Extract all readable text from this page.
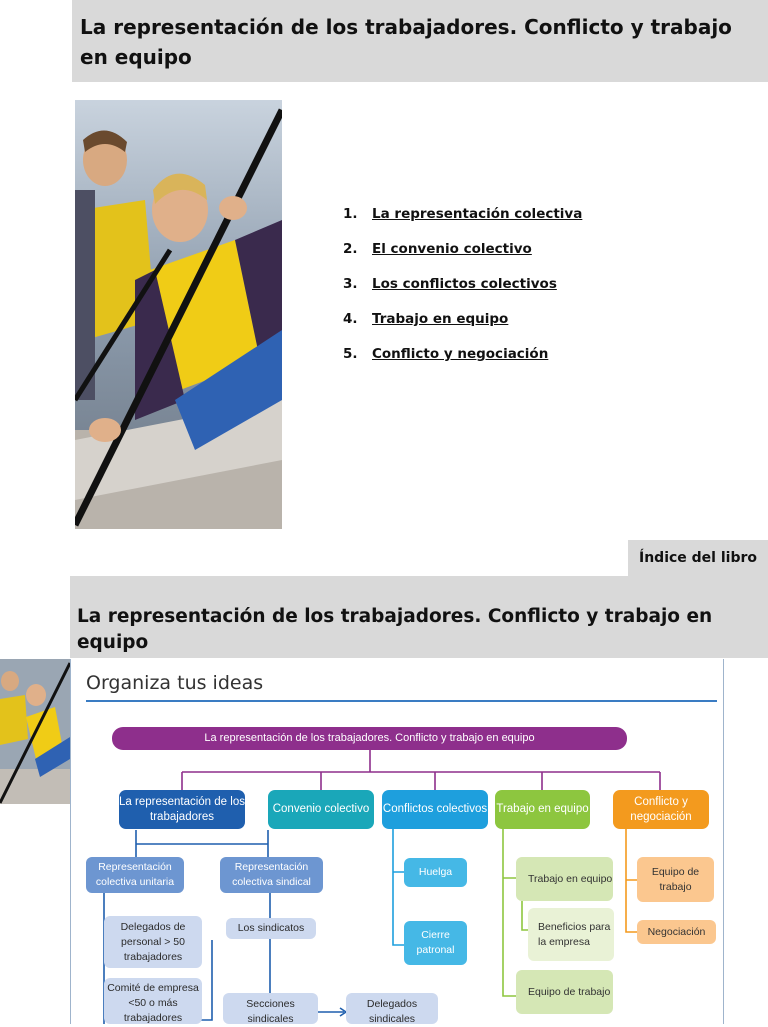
La representación de los trabajadores. Conflicto y trabajo en equipo
1.	La representación colectiva
2.	El convenio colectivo
3.	Los conflictos colectivos
4.	Trabajo en equipo
5.	Conflicto y negociación
Índice del libro
La representación de los trabajadores. Conflicto y trabajo en equipo
Organiza tus ideas
La representación de los trabajadores. Conflicto y trabajo en equipo
La representación de los trabajadores
Convenio colectivo	Conflictos colectivos Trabajo en equipo
Conflicto y negociación
Representación colectiva unitaria
Representación colectiva sindical
Delegados de personal > 50 trabajadores
Comité de empresa <50 o más trabajadores
Los sindicatos
Secciones sindicales
Delegados sindicales
Huelga
Cierre patronal
Trabajo en equipo
Beneficios para la empresa
Equipo de trabajo
Equipo de trabajo
Negociación
